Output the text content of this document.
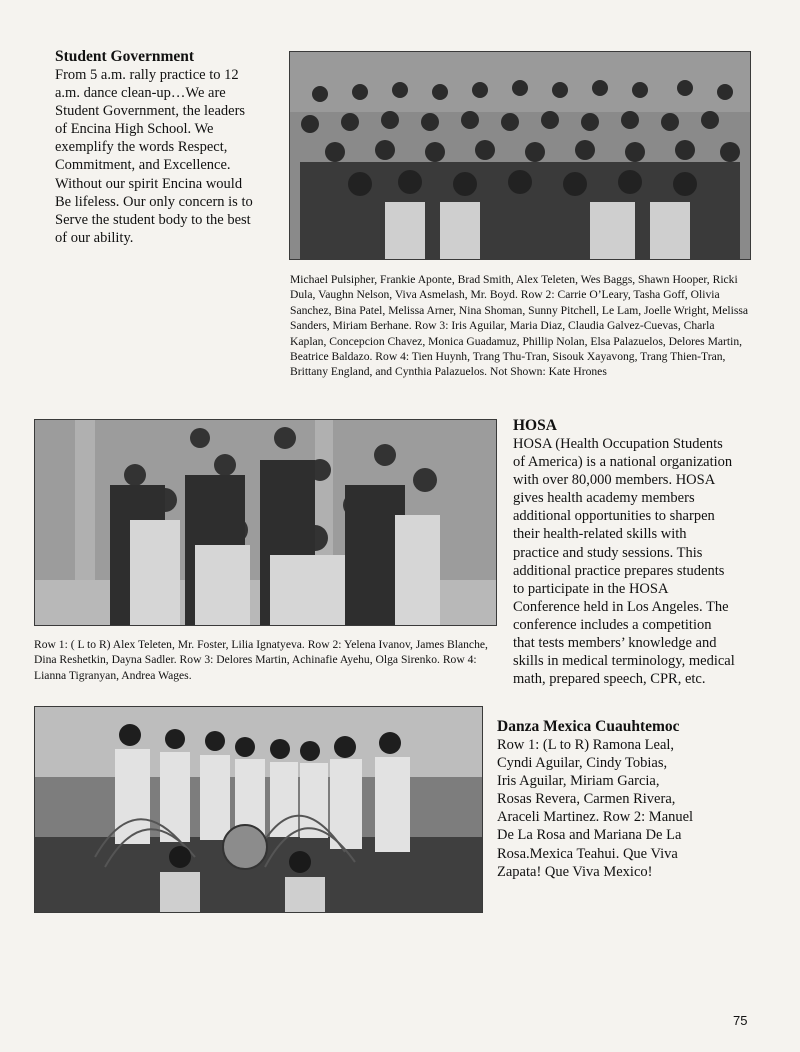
Student Government

From 5 a.m. rally practice to 12
a.m. dance clean-up…We are
Student Government, the leaders
of Encina High School. We
exemplify the words Respect,
Commitment, and Excellence.
Without our spirit Encina would
Be lifeless. Our only concern is to
Serve the student body to the best
of our ability.

Michael Pulsipher, Frankie Aponte, Brad Smith, Alex Teleten, Wes Baggs, Shawn Hooper, Ricki Dula, Vaughn Nelson, Viva Asmelash, Mr. Boyd. Row 2: Carrie O’Leary, Tasha Goff, Olivia Sanchez, Bina Patel, Melissa Arner, Nina Shoman, Sunny Pitchell, Le Lam, Joelle Wright, Melissa Sanders, Miriam Berhane. Row 3: Iris Aguilar, Maria Diaz, Claudia Galvez-Cuevas, Charla Kaplan, Concepcion Chavez, Monica Guadamuz, Phillip Nolan, Elsa Palazuelos, Delores Martin, Beatrice Baldazo. Row 4: Tien Huynh, Trang Thu-Tran, Sisouk Xayavong, Trang Thien-Tran, Brittany England, and Cynthia Palazuelos. Not Shown: Kate Hrones

Row 1: ( L to R) Alex Teleten, Mr. Foster, Lilia Ignatyeva. Row 2: Yelena Ivanov, James Blanche, Dina Reshetkin, Dayna Sadler. Row 3: Delores Martin, Achinafie Ayehu, Olga Sirenko. Row 4: Lianna Tigranyan, Andrea Wages.

HOSA

HOSA (Health Occupation Students
of America) is a national organization
with over 80,000 members. HOSA
gives health academy members
additional opportunities to sharpen
their health-related skills with
practice and study sessions. This
additional practice prepares students
to participate in the HOSA
Conference held in Los Angeles. The
conference includes a competition
that tests members’ knowledge and
skills in medical terminology, medical
math, prepared speech, CPR, etc.

Danza Mexica Cuauhtemoc

Row 1: (L to R) Ramona Leal,
Cyndi Aguilar, Cindy Tobias,
Iris Aguilar, Miriam Garcia,
Rosas Revera, Carmen Rivera,
Araceli Martinez. Row 2: Manuel
De La Rosa and Mariana De La
Rosa.Mexica Teahui. Que Viva
Zapata! Que Viva Mexico!

75
